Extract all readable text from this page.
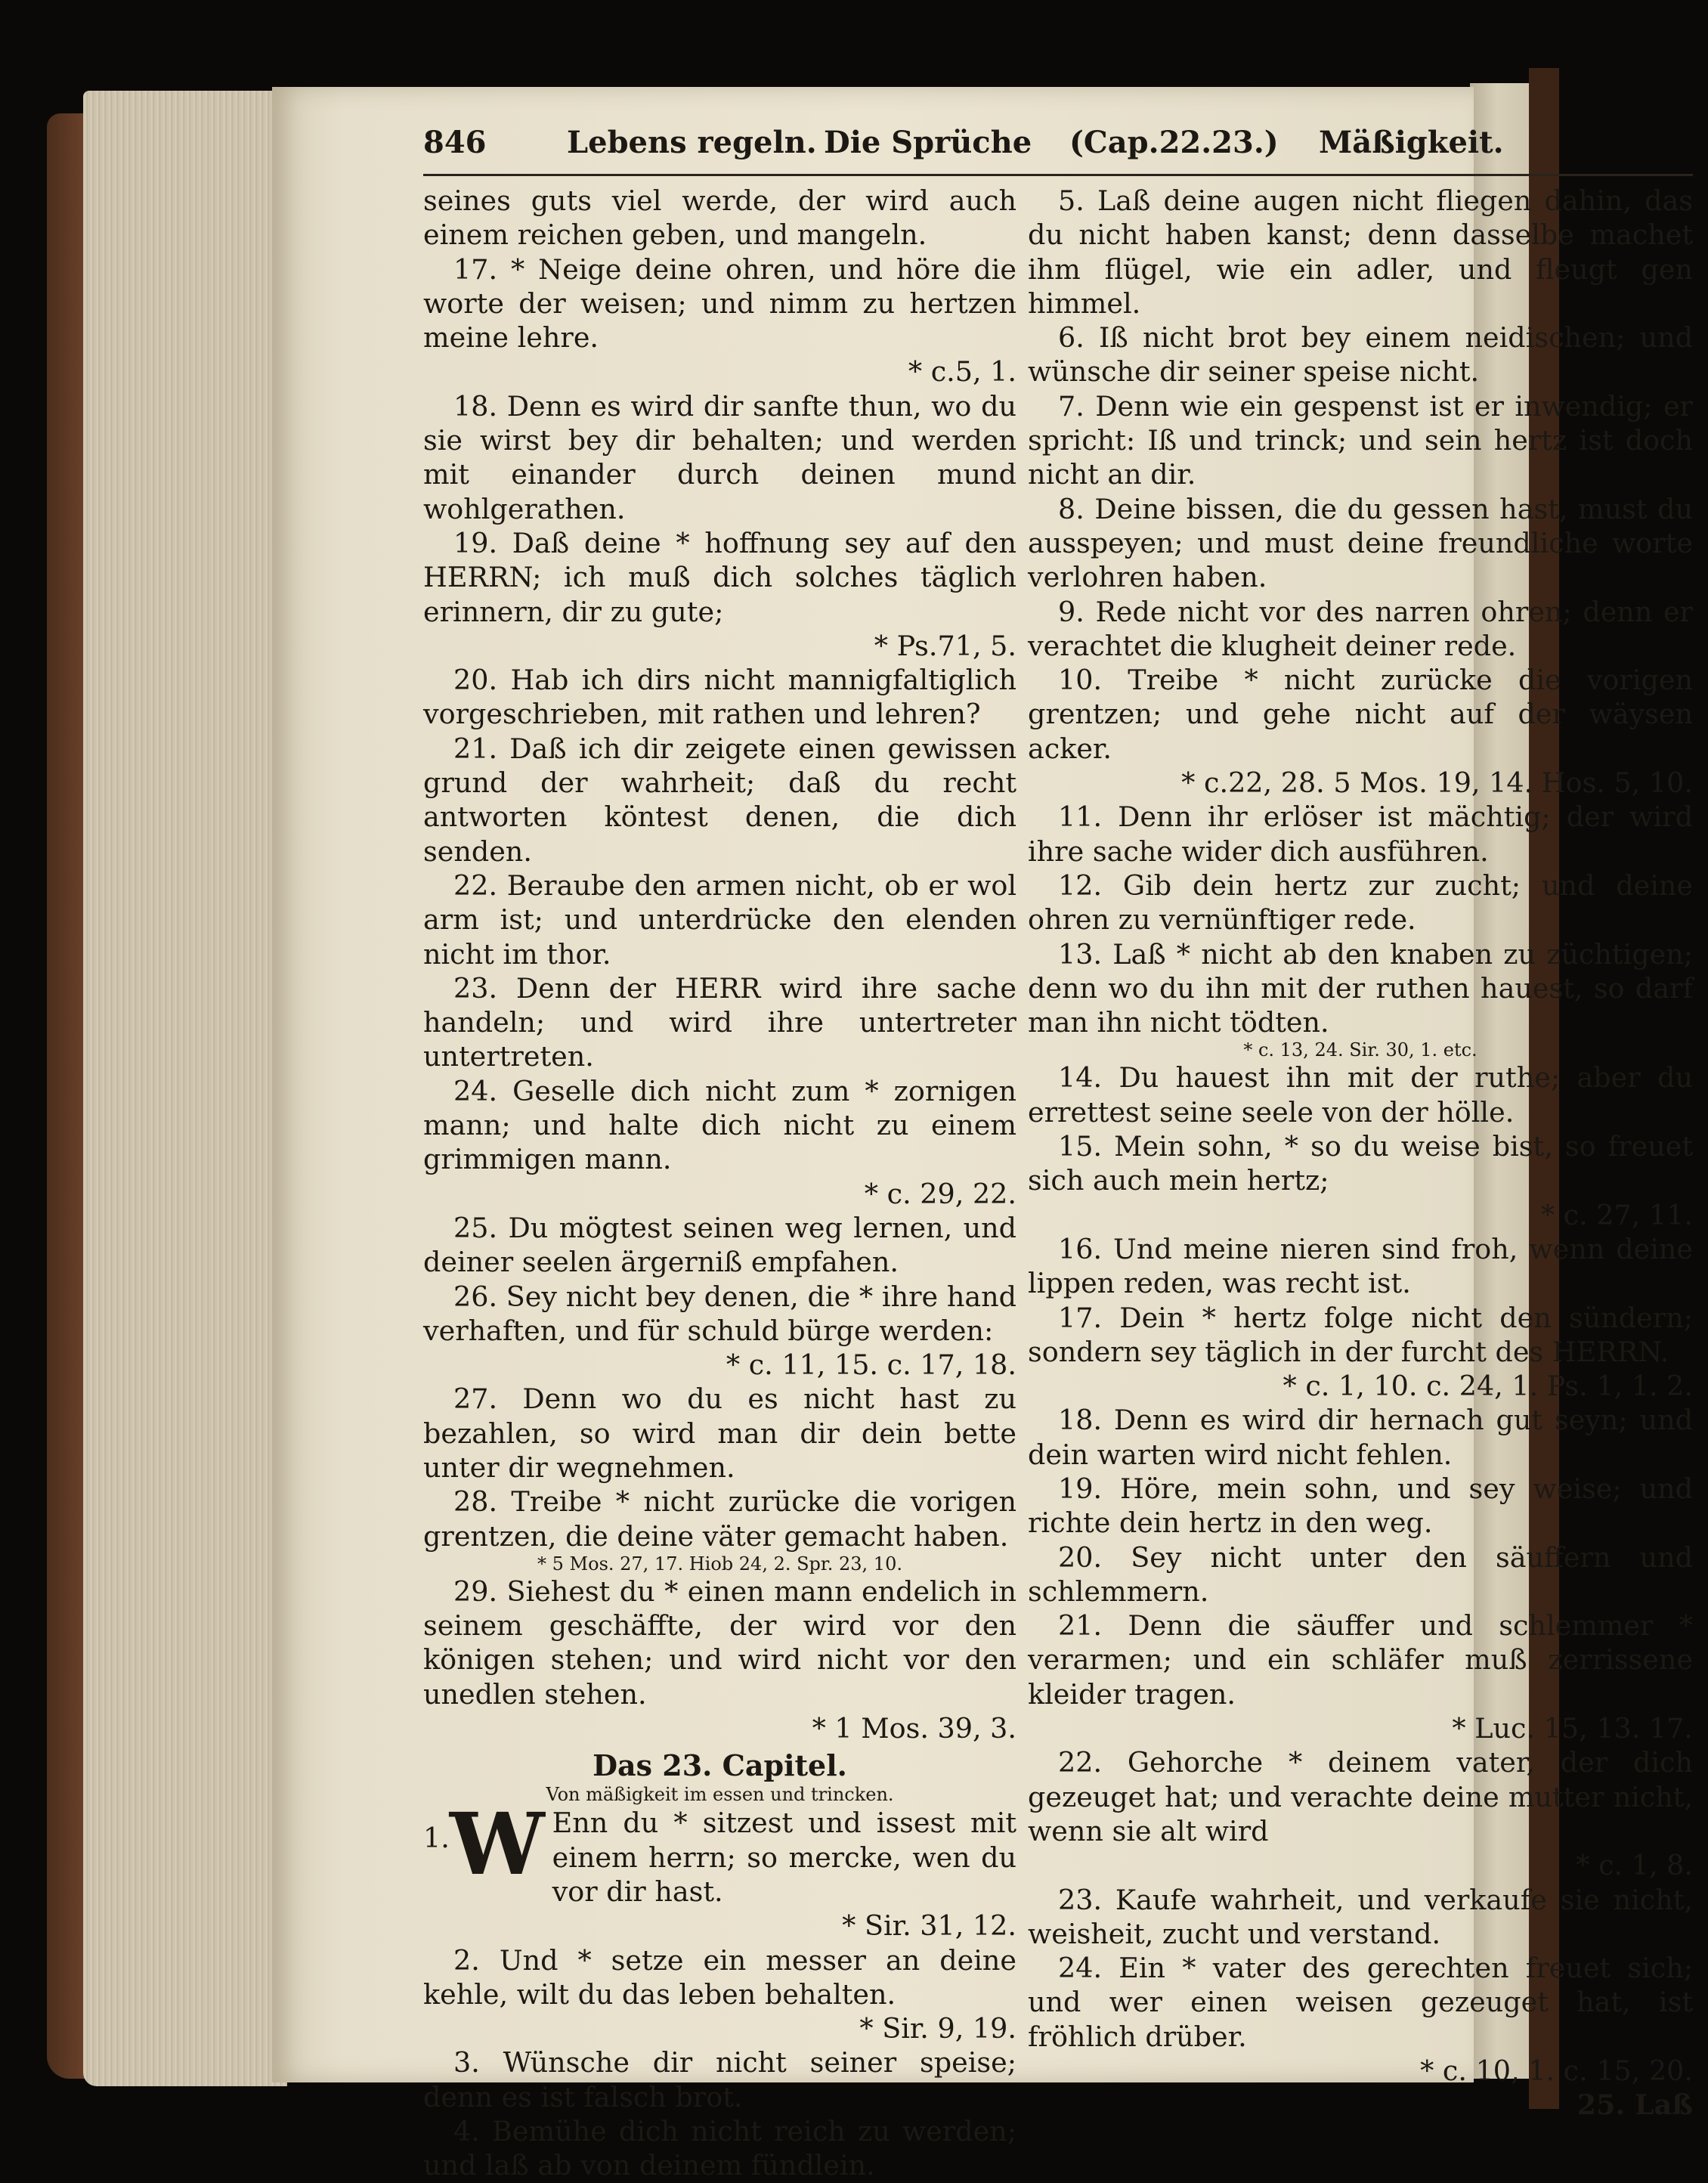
846	Lebens regeln. Die Sprüche (Cap.22.23.) Mäßigkeit.

seines guts viel werde, der wird auch einem reichen geben, und mangeln.

17. * Neige deine ohren, und höre die worte der weisen; und nimm zu hertzen meine lehre.

* c.5, 1.

18. Denn es wird dir sanfte thun, wo du sie wirst bey dir behalten; und werden mit einander durch deinen mund wohlgerathen.

19. Daß deine * hoffnung sey auf den HERRN; ich muß dich solches täglich erinnern, dir zu gute;

* Ps.71, 5.

20. Hab ich dirs nicht mannigfaltiglich vorgeschrieben, mit rathen und lehren?

21. Daß ich dir zeigete einen gewissen grund der wahrheit; daß du recht antworten köntest denen, die dich senden.

22. Beraube den armen nicht, ob er wol arm ist; und unterdrücke den elenden nicht im thor.

23. Denn der HERR wird ihre sache handeln; und wird ihre untertreter untertreten.

24. Geselle dich nicht zum * zornigen mann; und halte dich nicht zu einem grimmigen mann.

* c. 29, 22.

25. Du mögtest seinen weg lernen, und deiner seelen ärgerniß empfahen.

26. Sey nicht bey denen, die * ihre hand verhaften, und für schuld bürge werden:

* c. 11, 15. c. 17, 18.

27. Denn wo du es nicht hast zu bezahlen, so wird man dir dein bette unter dir wegnehmen.

28. Treibe * nicht zurücke die vorigen grentzen, die deine väter gemacht haben.

* 5 Mos. 27, 17. Hiob 24, 2. Spr. 23, 10.

29. Siehest du * einen mann endelich in seinem geschäffte, der wird vor den königen stehen; und wird nicht vor den unedlen stehen.

* 1 Mos. 39, 3.
Das 23. Capitel.
Von mäßigkeit im essen und trincken.

1. W Enn du * sitzest und issest mit einem herrn; so mercke, wen du vor dir hast.

* Sir. 31, 12.

2. Und * setze ein messer an deine kehle, wilt du das leben behalten.

* Sir. 9, 19.

3. Wünsche dir nicht seiner speise; denn es ist falsch brot.

4. Bemühe dich nicht reich zu werden; und laß ab von deinem fündlein.

5. Laß deine augen nicht fliegen dahin, das du nicht haben kanst; denn dasselbe machet ihm flügel, wie ein adler, und fleugt gen himmel.

6. Iß nicht brot bey einem neidischen; und wünsche dir seiner speise nicht.

7. Denn wie ein gespenst ist er inwendig; er spricht: Iß und trinck; und sein hertz ist doch nicht an dir.

8. Deine bissen, die du gessen hast, must du ausspeyen; und must deine freundliche worte verlohren haben.

9. Rede nicht vor des narren ohren; denn er verachtet die klugheit deiner rede.

10. Treibe * nicht zurücke die vorigen grentzen; und gehe nicht auf der wäysen acker.

* c.22, 28. 5 Mos. 19, 14. Hos. 5, 10.

11. Denn ihr erlöser ist mächtig; der wird ihre sache wider dich ausführen.

12. Gib dein hertz zur zucht; und deine ohren zu vernünftiger rede.

13. Laß * nicht ab den knaben zu züchtigen; denn wo du ihn mit der ruthen hauest, so darf man ihn nicht tödten.

* c. 13, 24. Sir. 30, 1. etc.

14. Du hauest ihn mit der ruthe; aber du errettest seine seele von der hölle.

15. Mein sohn, * so du weise bist, so freuet sich auch mein hertz;

* c. 27, 11.

16. Und meine nieren sind froh, wenn deine lippen reden, was recht ist.

17. Dein * hertz folge nicht den sündern; sondern sey täglich in der furcht des HERRN.

* c. 1, 10. c. 24, 1. Ps. 1, 1. 2.

18. Denn es wird dir hernach gut seyn; und dein warten wird nicht fehlen.

19. Höre, mein sohn, und sey weise; und richte dein hertz in den weg.

20. Sey nicht unter den säuffern und schlemmern.

21. Denn die säuffer und schlemmer * verarmen; und ein schläfer muß zerrissene kleider tragen.

* Luc. 15, 13. 17.

22. Gehorche * deinem vater, der dich gezeuget hat; und verachte deine mutter nicht, wenn sie alt wird

* c. 1, 8.

23. Kaufe wahrheit, und verkaufe sie nicht, weisheit, zucht und verstand.

24. Ein * vater des gerechten freuet sich; und wer einen weisen gezeuget hat, ist fröhlich drüber.

* c. 10, 1. c. 15, 20.
25. Laß
